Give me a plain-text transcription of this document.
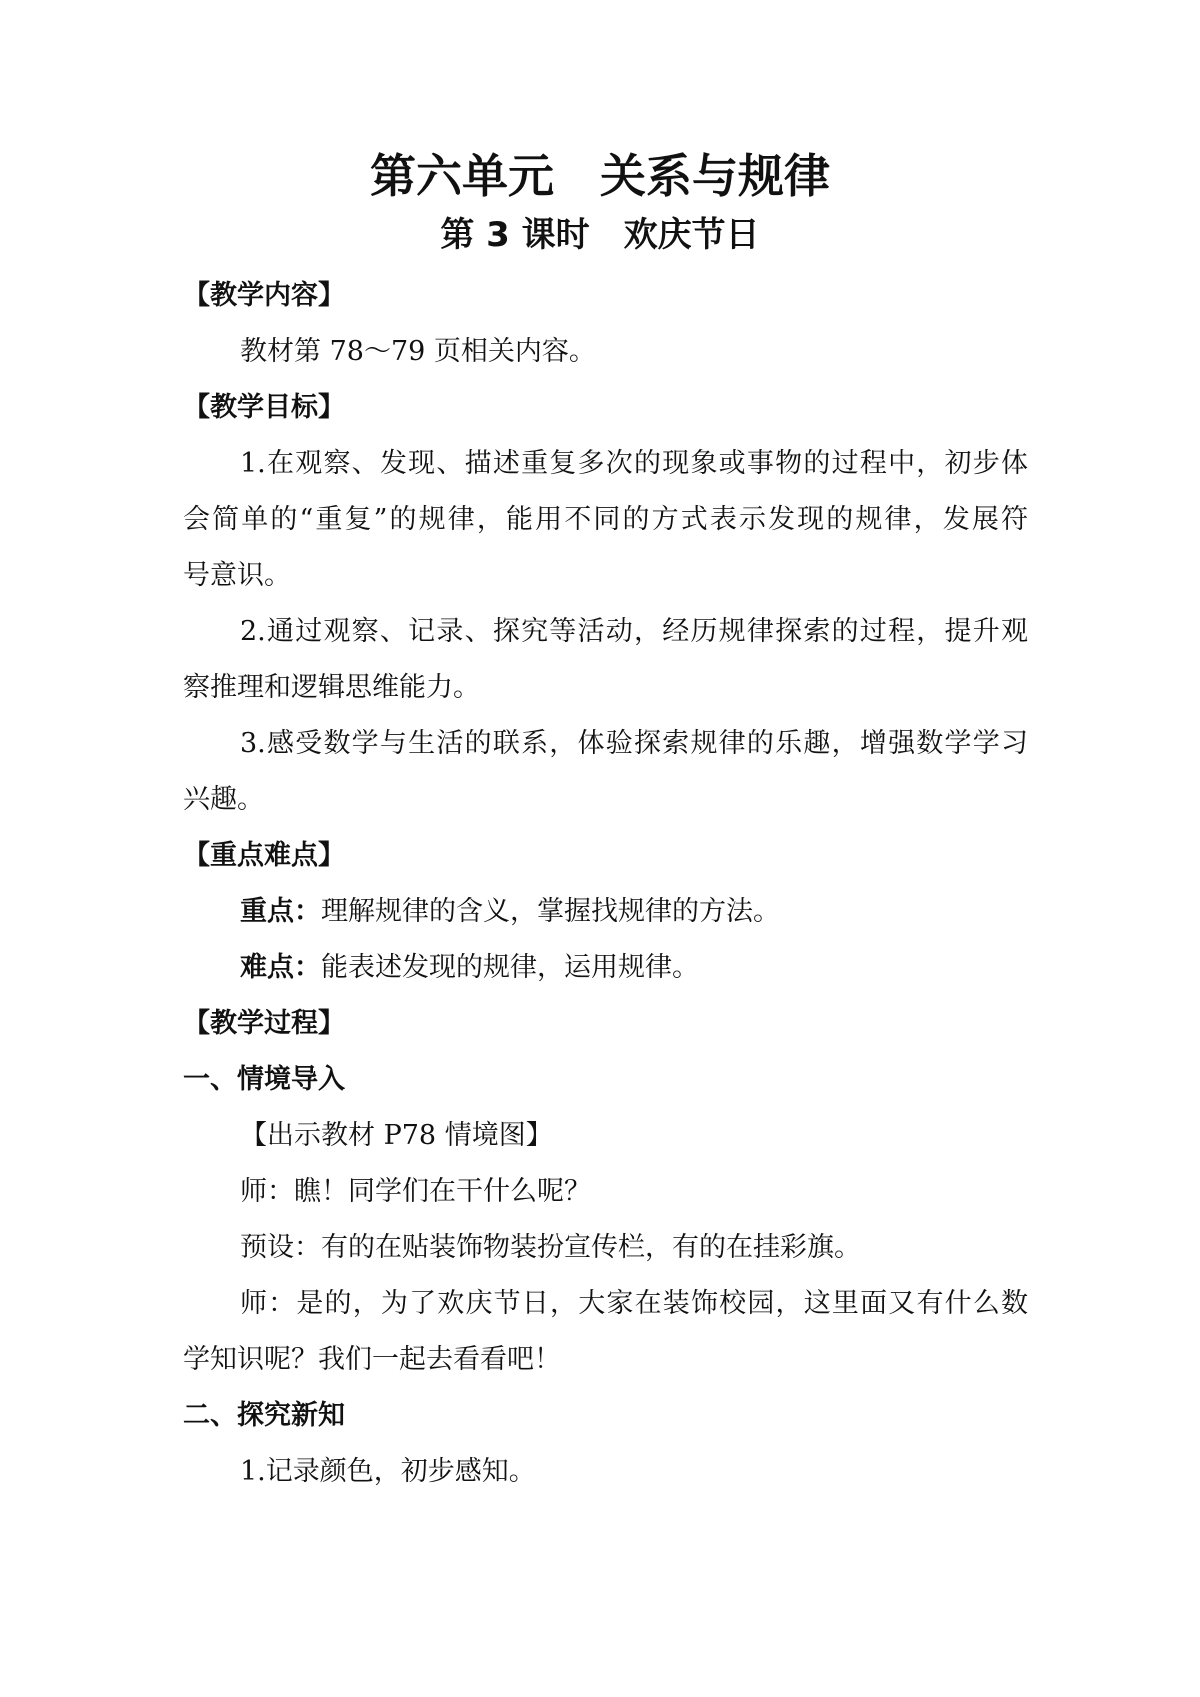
第六单元　关系与规律
第 3 课时　欢庆节日
【教学内容】
教材第 78～79 页相关内容。
【教学目标】
1.在观察、发现、描述重复多次的现象或事物的过程中，初步体
会简单的“重复”的规律，能用不同的方式表示发现的规律，发展符
号意识。
2.通过观察、记录、探究等活动，经历规律探索的过程，提升观
察推理和逻辑思维能力。
3.感受数学与生活的联系，体验探索规律的乐趣，增强数学学习
兴趣。
【重点难点】
重点：理解规律的含义，掌握找规律的方法。
难点：能表述发现的规律，运用规律。
【教学过程】
一、情境导入
【出示教材 P78 情境图】
师：瞧！同学们在干什么呢？
预设：有的在贴装饰物装扮宣传栏，有的在挂彩旗。
师：是的，为了欢庆节日，大家在装饰校园，这里面又有什么数
学知识呢？我们一起去看看吧！
二、探究新知
1.记录颜色，初步感知。
